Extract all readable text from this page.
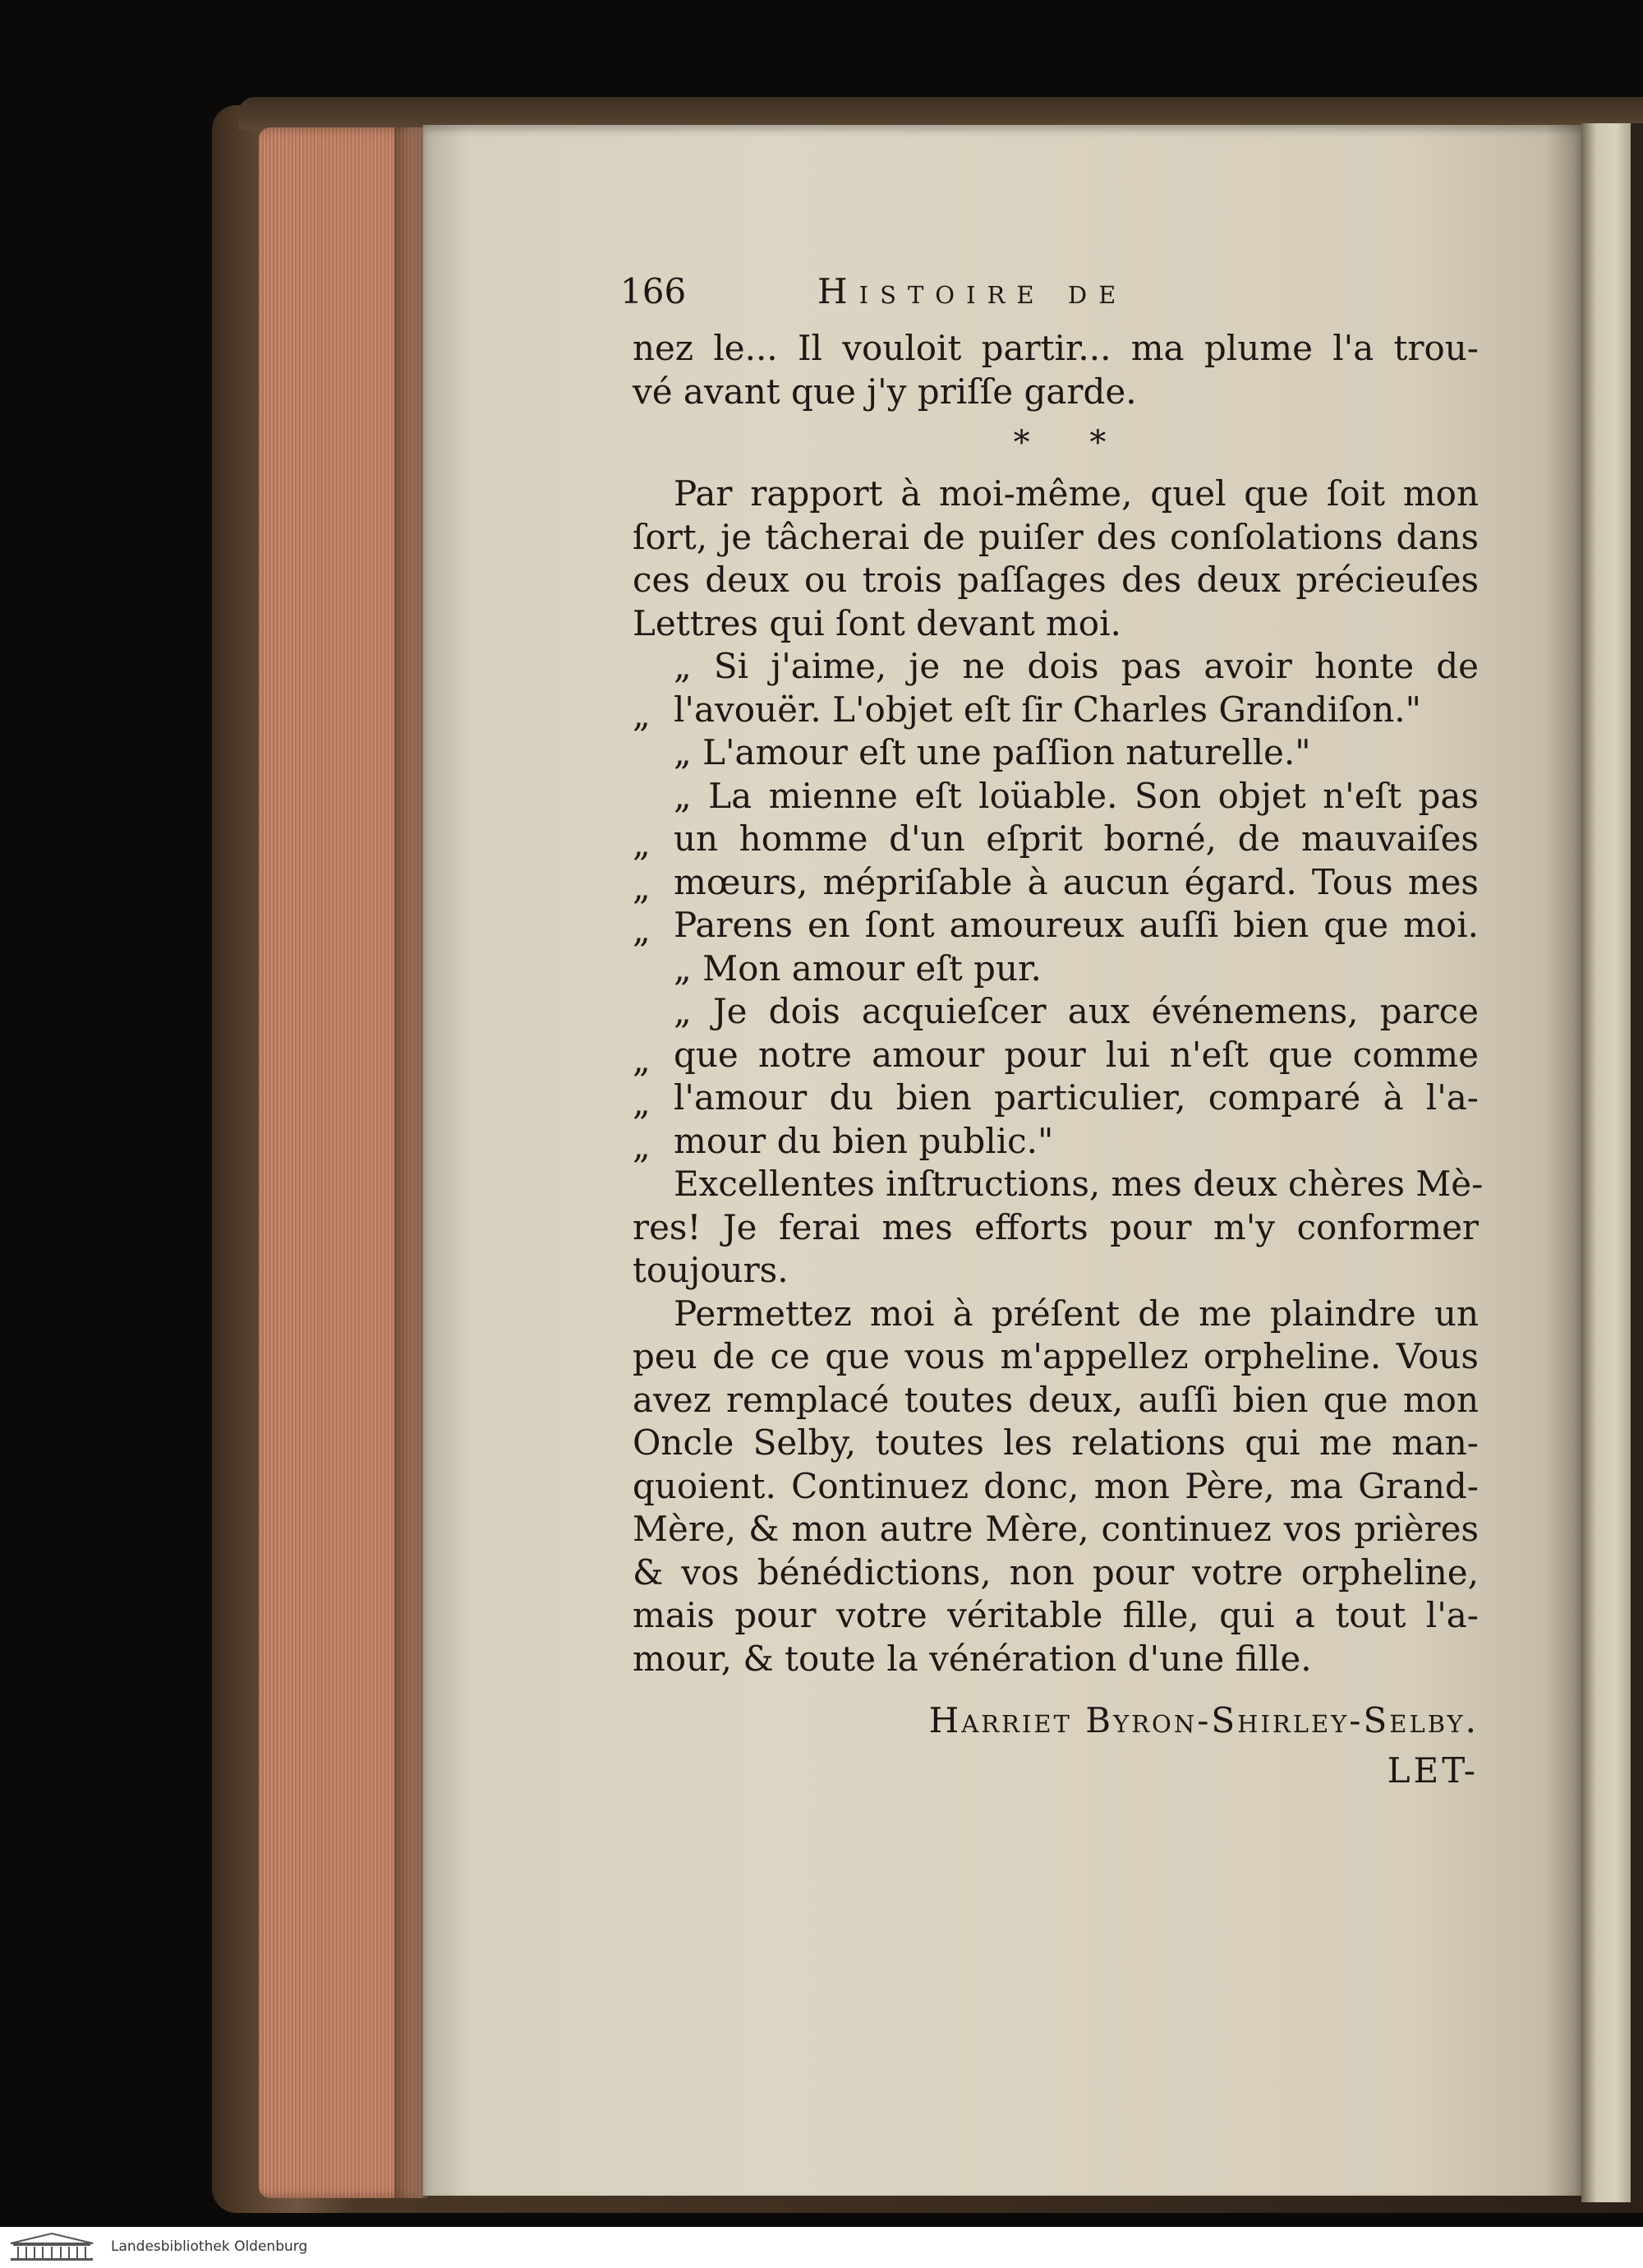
166	Histoire de
nez le... Il vouloit partir... ma plume l'a trou-
vé avant que j'y priſſe garde.
* *
Par rapport à moi-même, quel que ſoit mon
ſort, je tâcherai de puiſer des conſolations dans
ces deux ou trois paſſages des deux précieuſes
Lettres qui ſont devant moi.
„ Si j'aime, je ne dois pas avoir honte de
„ l'avouër. L'objet eſt ſir Charles Grandiſon."
„ L'amour eſt une paſſion naturelle."
„ La mienne eſt loüable. Son objet n'eſt pas
„ un homme d'un eſprit borné, de mauvaiſes
„ mœurs, mépriſable à aucun égard. Tous mes
„ Parens en ſont amoureux auſſi bien que moi.
„ Mon amour eſt pur.
„ Je dois acquieſcer aux événemens, parce
„ que notre amour pour lui n'eſt que comme
„ l'amour du bien particulier, comparé à l'a-
„ mour du bien public."
Excellentes inſtructions, mes deux chères Mè-
res! Je ferai mes efforts pour m'y conformer
toujours.
Permettez moi à préſent de me plaindre un
peu de ce que vous m'appellez orpheline. Vous
avez remplacé toutes deux, auſſi bien que mon
Oncle Selby, toutes les relations qui me man-
quoient. Continuez donc, mon Père, ma Grand-
Mère, & mon autre Mère, continuez vos prières
& vos bénédictions, non pour votre orpheline,
mais pour votre véritable fille, qui a tout l'a-
mour, & toute la vénération d'une fille.
Harriet Byron-Shirley-Selby.
LET-
Landesbibliothek Oldenburg
